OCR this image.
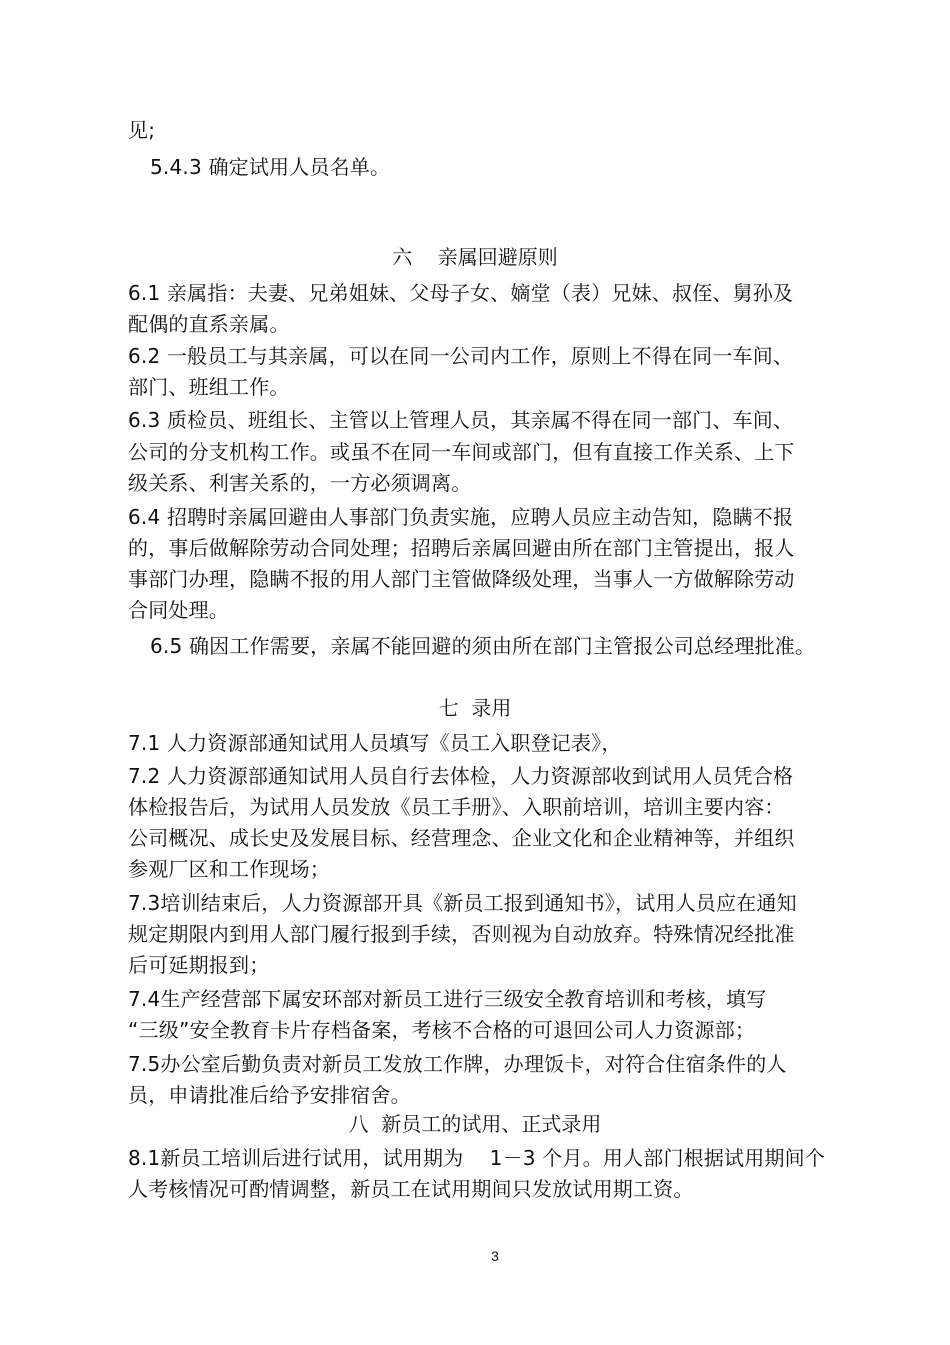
见;
5.4.3 确定试用人员名单。
六    亲属回避原则
6.1 亲属指：夫妻、兄弟姐妹、父母子女、嫡堂（表）兄妹、叔侄、舅孙及
配偶的直系亲属。
6.2 一般员工与其亲属，可以在同一公司内工作，原则上不得在同一车间、
部门、班组工作。
6.3 质检员、班组长、主管以上管理人员，其亲属不得在同一部门、车间、
公司的分支机构工作。或虽不在同一车间或部门，但有直接工作关系、上下
级关系、利害关系的，一方必须调离。
6.4 招聘时亲属回避由人事部门负责实施，应聘人员应主动告知，隐瞒不报
的，事后做解除劳动合同处理；招聘后亲属回避由所在部门主管提出，报人
事部门办理，隐瞒不报的用人部门主管做降级处理，当事人一方做解除劳动
合同处理。
6.5 确因工作需要，亲属不能回避的须由所在部门主管报公司总经理批准。
七  录用
7.1 人力资源部通知试用人员填写《员工入职登记表》，
7.2 人力资源部通知试用人员自行去体检，人力资源部收到试用人员凭合格
体检报告后，为试用人员发放《员工手册》、入职前培训，培训主要内容：
公司概况、成长史及发展目标、经营理念、企业文化和企业精神等，并组织
参观厂区和工作现场；
7.3培训结束后，人力资源部开具《新员工报到通知书》，试用人员应在通知
规定期限内到用人部门履行报到手续，否则视为自动放弃。特殊情况经批准
后可延期报到；
7.4生产经营部下属安环部对新员工进行三级安全教育培训和考核，填写
“三级”安全教育卡片存档备案，考核不合格的可退回公司人力资源部；
7.5办公室后勤负责对新员工发放工作牌，办理饭卡，对符合住宿条件的人
员，申请批准后给予安排宿舍。
八  新员工的试用、正式录用
8.1新员工培训后进行试用，试用期为    1－3 个月。用人部门根据试用期间个
人考核情况可酌情调整，新员工在试用期间只发放试用期工资。
3
